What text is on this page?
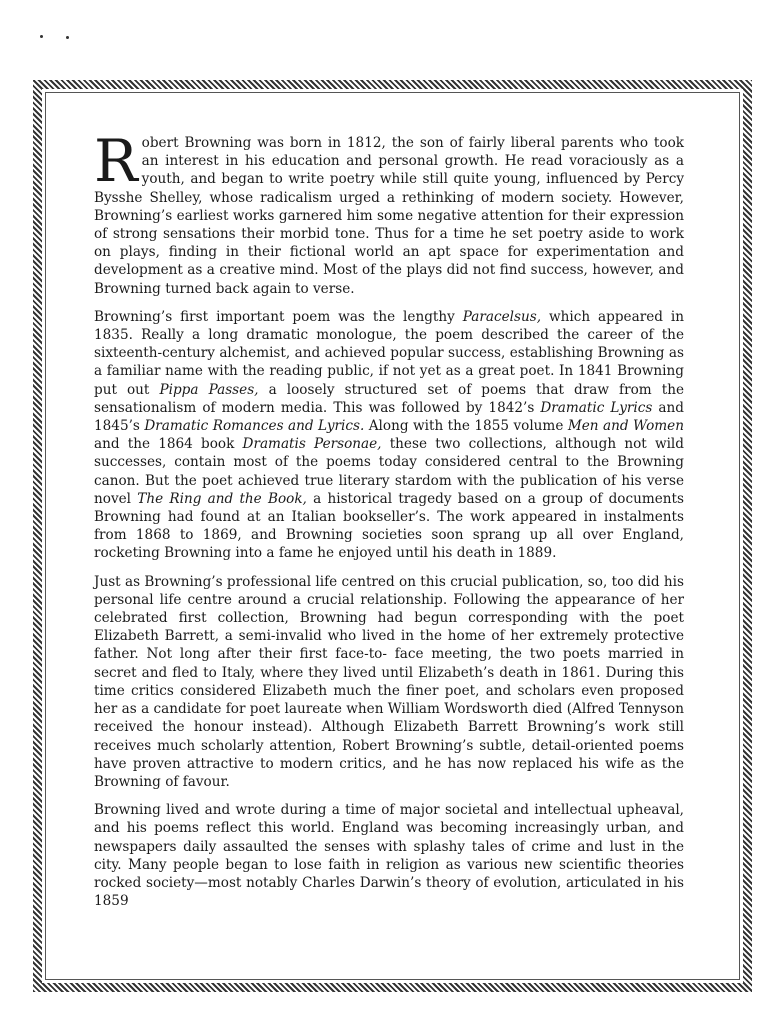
Robert Browning was born in 1812, the son of fairly liberal parents who took an interest in his education and personal growth. He read voraciously as a youth, and began to write poetry while still quite young, influenced by Percy Bysshe Shelley, whose radicalism urged a rethinking of modern society. However, Browning’s earliest works garnered him some negative attention for their expression of strong sensations their morbid tone. Thus for a time he set poetry aside to work on plays, finding in their fictional world an apt space for experimentation and development as a creative mind. Most of the plays did not find success, however, and Browning turned back again to verse.

Browning’s first important poem was the lengthy Paracelsus, which appeared in 1835. Really a long dramatic monologue, the poem described the career of the sixteenth-century alchemist, and achieved popular success, establishing Browning as a familiar name with the reading public, if not yet as a great poet. In 1841 Browning put out Pippa Passes, a loosely structured set of poems that draw from the sensationalism of modern media. This was followed by 1842’s Dramatic Lyrics and 1845’s Dramatic Romances and Lyrics. Along with the 1855 volume Men and Women and the 1864 book Dramatis Personae, these two collections, although not wild successes, contain most of the poems today considered central to the Browning canon. But the poet achieved true literary stardom with the publication of his verse novel The Ring and the Book, a historical tragedy based on a group of documents Browning had found at an Italian bookseller’s. The work appeared in instalments from 1868 to 1869, and Browning societies soon sprang up all over England, rocketing Browning into a fame he enjoyed until his death in 1889.

Just as Browning’s professional life centred on this crucial publication, so, too did his personal life centre around a crucial relationship. Following the appearance of her celebrated first collection, Browning had begun corresponding with the poet Elizabeth Barrett, a semi-invalid who lived in the home of her extremely protective father. Not long after their first face-to- face meeting, the two poets married in secret and fled to Italy, where they lived until Elizabeth’s death in 1861. During this time critics considered Elizabeth much the finer poet, and scholars even proposed her as a candidate for poet laureate when William Wordsworth died (Alfred Tennyson received the honour instead). Although Elizabeth Barrett Browning’s work still receives much scholarly attention, Robert Browning’s subtle, detail-oriented poems have proven attractive to modern critics, and he has now replaced his wife as the Browning of favour.

Browning lived and wrote during a time of major societal and intellectual upheaval, and his poems reflect this world. England was becoming increasingly urban, and newspapers daily assaulted the senses with splashy tales of crime and lust in the city. Many people began to lose faith in religion as various new scientific theories rocked society—most notably Charles Darwin’s theory of evolution, articulated in his 1859
